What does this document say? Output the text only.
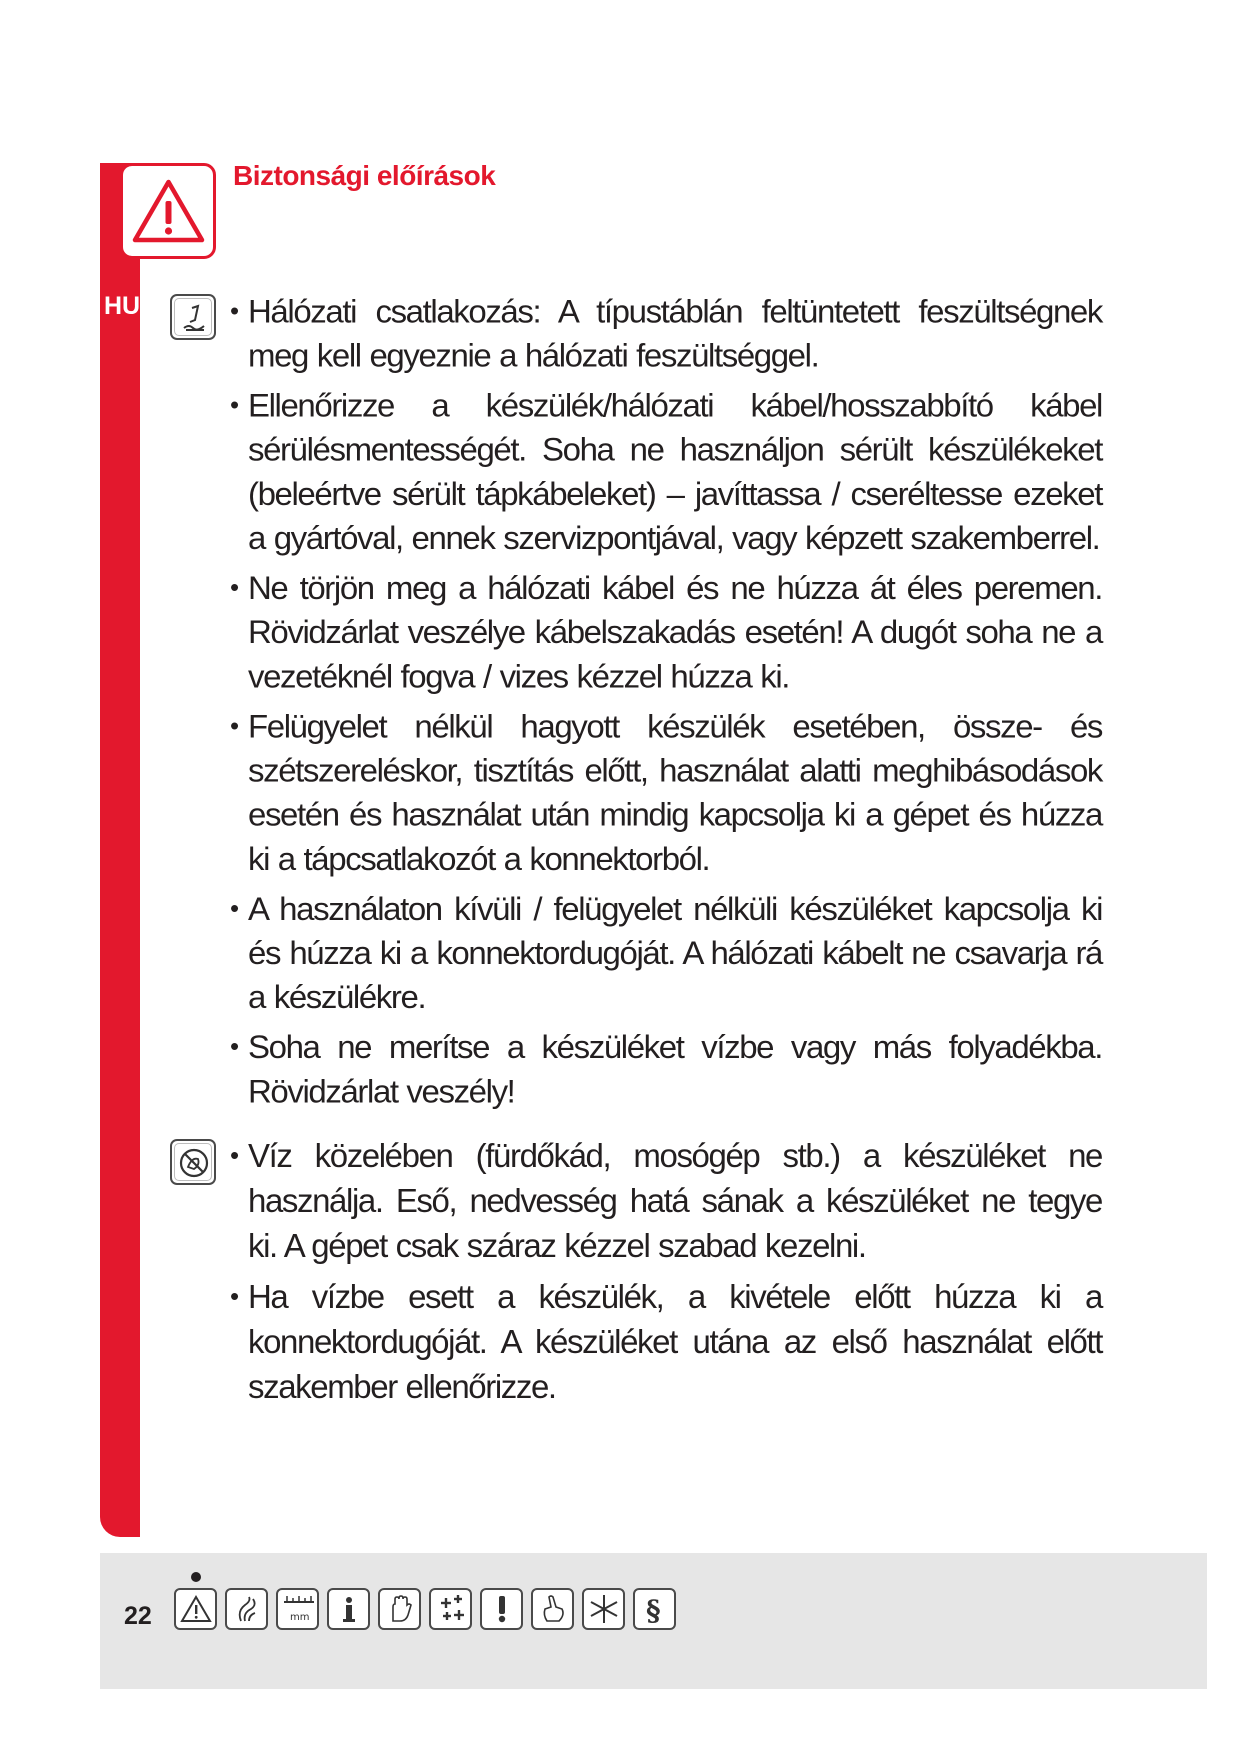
Biztonsági előírások
HU
•	Hálózati csatlakozás: A típustáblán feltüntetett feszültségnek meg kell egyeznie a hálózati feszültséggel.
• Ellenőrizze a készülék/hálózati kábel/hosszabbító kábel sérülésmentességét. Soha ne használjon sérült készülékeket (beleértve sérült tápkábeleket) – javíttassa / cseréltesse ezeket a gyártóval, ennek szervizpontjával, vagy képzett szakemberrel.
• Ne törjön meg a hálózati kábel és ne húzza át éles peremen. Rövidzárlat veszélye kábelszakadás esetén! A dugót soha ne a vezetéknél fogva / vizes kézzel húzza ki.
• Felügyelet nélkül hagyott készülék esetében, össze- és szétszereléskor, tisztítás előtt, használat alatti meghibásodások esetén és használat után mindig kapcsolja ki a gépet és húzza ki a tápcsatlakozót a konnektorból.
• A használaton kívüli / felügyelet nélküli készüléket kapcsolja ki és húzza ki a konnektordugóját. A hálózati kábelt ne csavarja rá a készülékre.
• Soha ne merítse a készüléket vízbe vagy más folyadékba. Rövidzárlat veszély!
• Víz közelében (fürdőkád, mosógép stb.) a készüléket ne használja. Eső, nedvesség hatá sának a készüléket ne tegye ki. A gépet csak száraz kézzel szabad kezelni.
• Ha vízbe esett a készülék, a kivétele előtt húzza ki a konnektordugóját. A készüléket utána az első használat előtt szakember ellenőrizze.
22	mm	§
